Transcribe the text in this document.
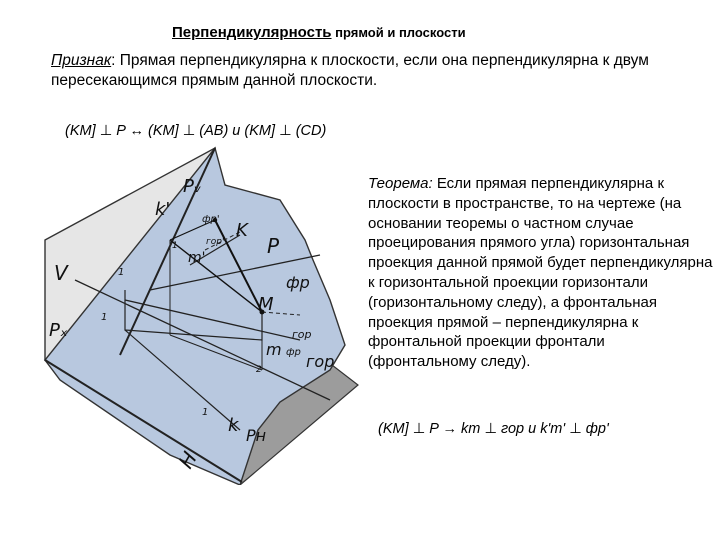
Перпендикулярность прямой и плоскости
Признак: Прямая перпендикулярна к плоскости, если она перпендикулярна к двум пересекающимся прямым данной плоскости.
(KM] ⊥ P ↔ (KM] ⊥ (AB) и (KM] ⊥ (CD)
Теорема: Если прямая перпендикулярна к плоскости в пространстве, то на чертеже (на основании теоремы о частном случае проецирования прямого угла) горизонтальная проекция данной прямой будет перпендикулярна к горизонтальной проекции горизонтали (горизонтальному следу), а фронтальная проекция прямой – перпендикулярна к фронтальной проекции фронтали (фронтальному следу).
(KM] ⊥ P → km ⊥ гор и k'm' ⊥ фр'
Pᵥ
k'	фр'
m'
гор'
K
P
фр
V
M
гор
Pₓ
m фр гор
k Pн
H
1
1
1
1
2
